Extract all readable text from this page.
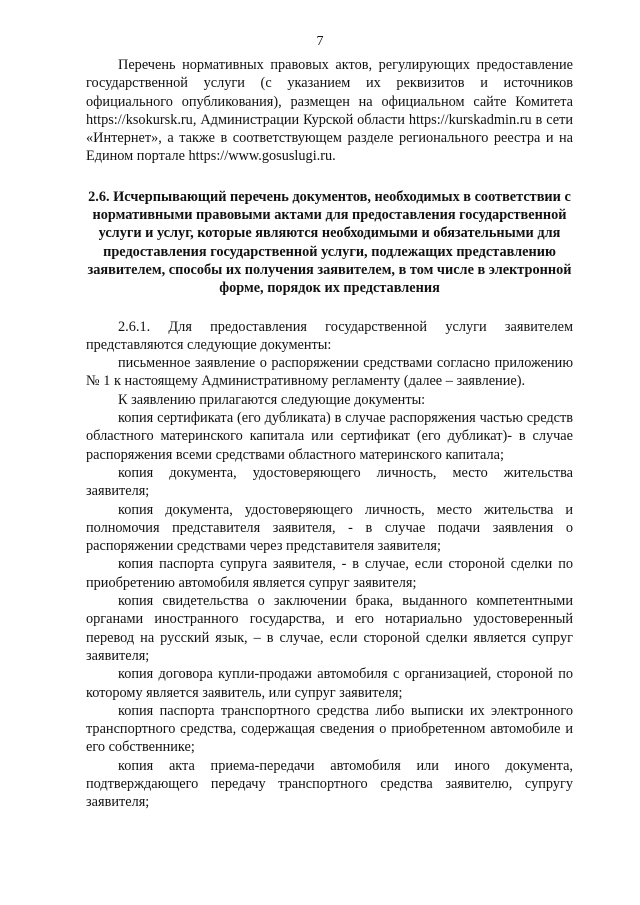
7

Перечень нормативных правовых актов, регулирующих предоставление государственной услуги (с указанием их реквизитов и источников официального опубликования), размещен на официальном сайте Комитета https://ksokursk.ru, Администрации Курской области https://kurskadmin.ru в сети «Интернет», а также в соответствующем разделе регионального реестра и на Едином портале https://www.gosuslugi.ru.

2.6. Исчерпывающий перечень документов, необходимых в соответствии с нормативными правовыми актами для предоставления государственной услуги и услуг, которые являются необходимыми и обязательными для предоставления государственной услуги, подлежащих представлению заявителем, способы их получения заявителем, в том числе в электронной форме, порядок их представления

2.6.1. Для предоставления государственной услуги заявителем представляются следующие документы:

письменное заявление о распоряжении средствами согласно приложению № 1 к настоящему Административному регламенту (далее – заявление).

К заявлению прилагаются следующие документы:

копия сертификата (его дубликата) в случае распоряжения частью средств областного материнского капитала или сертификат (его дубликат)- в случае распоряжения всеми средствами областного материнского капитала;

копия документа, удостоверяющего личность, место жительства заявителя;

копия документа, удостоверяющего личность, место жительства и полномочия представителя заявителя, - в случае подачи заявления о распоряжении средствами через представителя заявителя;

копия паспорта супруга заявителя, - в случае, если стороной сделки по приобретению автомобиля является супруг заявителя;

копия свидетельства о заключении брака, выданного компетентными органами иностранного государства, и его нотариально удостоверенный перевод на русский язык, – в случае, если стороной сделки является супруг заявителя;

копия договора купли-продажи автомобиля с организацией, стороной по которому является заявитель, или супруг заявителя;

копия паспорта транспортного средства либо выписки их электронного транспортного средства, содержащая сведения о приобретенном автомобиле и его собственнике;

копия акта приема-передачи автомобиля или иного документа, подтверждающего передачу транспортного средства заявителю, супругу заявителя;
